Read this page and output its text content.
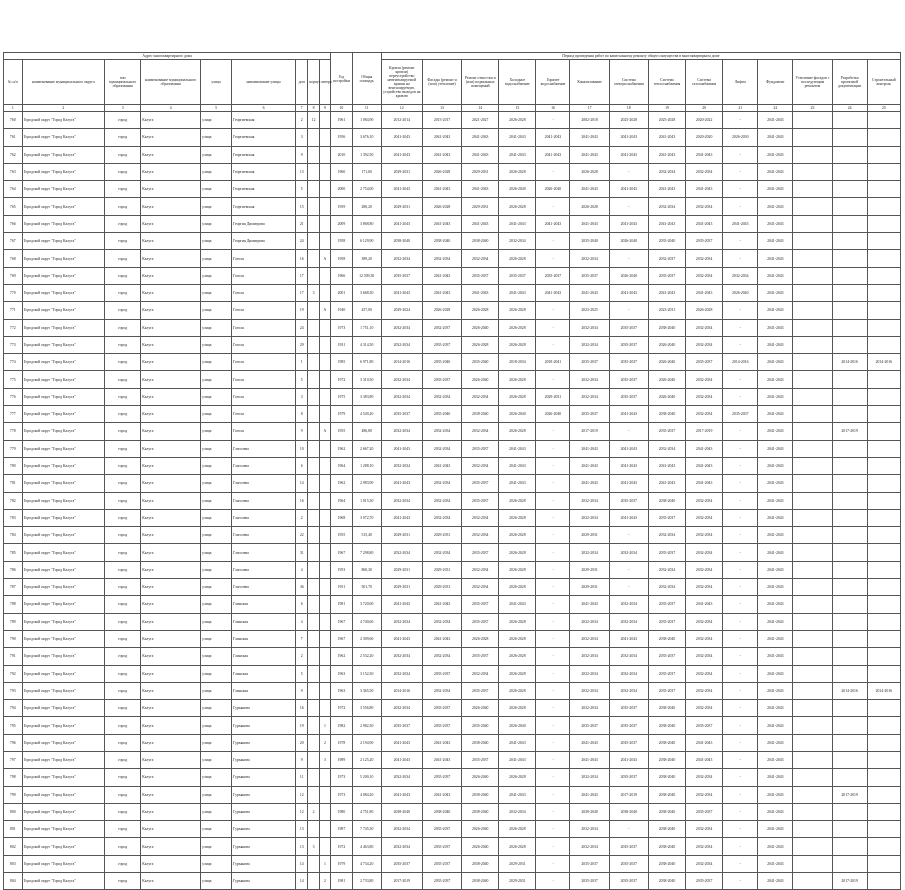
Адрес многоквартирного дома									Год постройки	Общая площадь	Период проведения работ по капитальному ремонту общего имущества в многоквартирном доме													
№ п/п	наименование муниципального округа	тип муниципального образования	наименование муниципального образования	улица	наименование улицы	дом	корпус	литера			Кровля (ремонт кровли) переустройство невентилируемой крыши на вентилируемую, устройство выходов на кровлю	Фасады (ремонт и (или) утепление)	Ремонт отмостки и (или) подвальных помещений	Холодное водоснабжение	Горячее водоснабжение	Канализование	Система электроснабжения	Система теплоснабжения	Система газоснабжения	Лифты	Фундамент	Утепление фасадов с последующим ремонтом	Разработка проектной документации	Строительный контроль
1	2	3	4	5	6	7	8	9	10	11	12	13	14	15	16	17	18	19	20	21	22	23	24	25
760	Городской округ "Город Калуга"	город	Калуга	улица	Георгиевская	2	12		1961	1 084,90	2012-2014	2015-2017	2021-2027	2026-2028	-	2002-2018	2025-2028	2025-2028	2020-2022	-	2041-2043			
761	Городской округ "Город Калуга"	город	Калуга	улица	Георгиевская	3			1956	3 676,10	2041-2043	2041-2043	2041-2043	2041-2043	2041-2043	2041-2043	2041-2043	2041-2043	2020-2020	2026-2030	2041-2043			
762	Городской округ "Город Калуга"	город	Калуга	улица	Георгиевская	9			2010	1 392,50	2041-2043	2041-2043	2041-2043	2041-2043	2041-2043	2041-2043	2041-2043	2041-2043	2041-2043	-	2041-2043			
763	Городской округ "Город Калуга"	город	Калуга	улица	Георгиевская	13			1960	171,60	2029-2031	2026-2028	2029-2031	2026-2028	-	2026-2028	-	2032-2034	2032-2034	-	2041-2043			
764	Городской округ "Город Калуга"	город	Калуга	улица	Георгиевская	5			2000	2 754,00	2041-2043	2041-2043	2041-2043	2026-2040	2026-2040	2041-2043	2041-2043	2041-2043	2041-2043	-	2041-2043			
765	Городской округ "Город Калуга"	город	Калуга	улица	Георгиевская	15			1959	280,20	2029-2031	2026-2028	2029-2031	2026-2028	-	2026-2028	-	2032-2034	2032-2034	-	2041-2043			
766	Городской округ "Город Калуга"	город	Калуга	улица	Георгия Димитрова	21			2009	3 868,80	2041-2043	2041-2043	2041-2043	2041-2043	2041-2043	2041-2043	2041-2043	2041-2043	2041-2043	2041-2043	2041-2043			
767	Городской округ "Город Калуга"	город	Калуга	улица	Георгия Димитрова	24			1958	6 129,90	2038-2040	2038-2040	2038-2040	2032-2034	-	2035-2040	2026-2040	2035-2040	2035-2037	-	2041-2043			
768	Городской округ "Город Калуга"	город	Калуга	улица	Гоголя	16		А	1958	389,20	2032-2034	2032-2034	2032-2034	2026-2028	-	2032-2034	-	2032-2037	2032-2034	-	2041-2043			
769	Городской округ "Город Калуга"	город	Калуга	улица	Гоголя	17			1966	12 509,30	2035-2037	2041-2043	2035-2037	2035-2037	2035-2037	2035-2037	2026-2040	2035-2037	2032-2034	2032-2034	2041-2043			
770	Городской округ "Город Калуга"	город	Калуга	улица	Гоголя	17	3		2001	3 668,30	2041-2043	2041-2043	2041-2043	2041-2043	2041-2043	2041-2043	2041-2043	2041-2043	2041-2043	2026-2040	2041-2043			
771	Городской округ "Город Калуга"	город	Калуга	улица	Гоголя	19		А	1940	457,00	2029-2024	2026-2028	2026-2028	2026-2028	-	2023-2025	-	2023-2031	2026-2028	-	2041-2043			
772	Городской округ "Город Калуга"	город	Калуга	улица	Гоголя	24			1973	1 751,10	2032-2034	2032-2037	2026-2040	2026-2028	-	2032-2034	2035-2037	2038-2040	2032-2034	-	2041-2043			
773	Городской округ "Город Калуга"	город	Калуга	улица	Гоголя	29			1931	4 314,50	2032-2034	2035-2037	2026-2028	2026-2028	-	2032-2034	2035-2037	2026-2040	2032-2034	-	2041-2043			
774	Городской округ "Город Калуга"	город	Калуга	улица	Гоголя	1			1985	6 971,80	2014-2016	2035-2040	2035-2040	2018-2034	2018-2041	2035-2037	2035-2037	2026-2040	2035-2037	2014-2016	2041-2043		2014-2016	2014-2016
775	Городской округ "Город Калуга"	город	Калуга	улица	Гоголя	5			1972	3 310,50	2032-2034	2035-2037	2026-2040	2026-2028	-	2032-2034	2035-2037	2026-2040	2032-2034	-	2041-2043			
776	Городской округ "Город Калуга"	город	Калуга	улица	Гоголя	3			1975	3 383,80	2032-2034	2032-2034	2032-2034	2026-2028	2029-2031	2032-2034	2035-2037	2026-2040	2032-2034	-	2041-2043			
777	Городской округ "Город Калуга"	город	Калуга	улица	Гоголя	8			1979	4 549,20	2035-2037	2035-2040	2038-2040	2026-2040	2026-2040	2035-2037	2041-2043	2038-2040	2032-2034	2035-2037	2041-2043			
778	Городской округ "Город Калуга"	город	Калуга	улица	Гоголя	9		А	1955	486,80	2032-2034	2032-2034	2032-2034	2026-2028	-	2017-2019	-	2035-2037	2017-2019	-	2041-2043		2017-2019	
779	Городской округ "Город Калуга"	город	Калуга	улица	Глаголева	10			1962	2 667,20	2041-2043	2032-2034	2035-2037	2041-2043	-	2041-2043	2041-2043	2032-2034	2041-2043	-	2041-2043			
780	Городской округ "Город Калуга"	город	Калуга	улица	Глаголева	6			1964	1 288,10	2032-2034	2041-2043	2032-2034	2041-2043	-	2041-2043	2041-2043	2041-2043	2041-2043	-	2041-2043			
781	Городской округ "Город Калуга"	город	Калуга	улица	Глаголева	14			1962	2 983,90	2041-2043	2032-2034	2035-2037	2041-2043	-	2041-2043	2041-2043	2041-2043	2041-2043	-	2041-2043			
782	Городской округ "Город Калуга"	город	Калуга	улица	Глаголева	16			1964	1 015,30	2032-2034	2032-2034	2035-2037	2026-2028	-	2032-2034	2035-2037	2038-2040	2032-2034	-	2041-2043			
783	Городской округ "Город Калуга"	город	Калуга	улица	Глаголева	2			1968	3 072,70	2041-2043	2032-2034	2032-2034	2026-2028	-	2032-2034	2041-2043	2035-2037	2032-2034	-	2041-2043			
784	Городской округ "Город Калуга"	город	Калуга	улица	Глаголева	22			1955	515,40	2029-2031	2029-2031	2032-2034	2026-2028	-	2029-2031	-	2032-2034	2032-2034	-	2041-2043			
785	Городской округ "Город Калуга"	город	Калуга	улица	Глаголева	31			1967	7 298,80	2032-2034	2032-2034	2035-2037	2026-2028	-	2032-2034	2032-2034	2035-2037	2032-2034	-	2041-2043			
786	Городской округ "Город Калуга"	город	Калуга	улица	Глаголева	4			1953	860,30	2029-2031	2029-2031	2032-2034	2026-2028	-	2029-2031	-	2032-2034	2032-2034	-	2041-2043			
787	Городской округ "Город Калуга"	город	Калуга	улица	Глаголева	36			1951	501,70	2029-2031	2029-2031	2032-2034	2026-2028	-	2029-2031	-	2032-2034	2032-2034	-	2041-2043			
788	Городской округ "Город Калуга"	город	Калуга	улица	Глинская	6			1981	3 720,00	2041-2043	2041-2043	2035-2037	2041-2043	-	2041-2043	2032-2034	2035-2037	2041-2043	-	2041-2043			
789	Городской округ "Город Калуга"	город	Калуга	улица	Глинская	4			1967	4 740,60	2032-2034	2032-2034	2035-2037	2026-2028	-	2032-2034	2032-2034	2035-2037	2032-2034	-	2041-2043			
790	Городской округ "Город Калуга"	город	Калуга	улица	Глинская	7			1967	2 309,60	2041-2043	2041-2043	2026-2028	2026-2028	-	2032-2034	2041-2043	2038-2040	2032-2034	-	2041-2043			
791	Городской округ "Город Калуга"	город	Калуга	улица	Глинская	2			1962	2 532,20	2032-2034	2032-2034	2035-2037	2026-2028	-	2032-2034	2032-2034	2035-2037	2032-2034	-	2041-2043			
792	Городской округ "Город Калуга"	город	Калуга	улица	Глинская	5			1963	3 152,30	2032-2034	2035-2037	2032-2034	2026-2028	-	2032-2034	2032-2034	2035-2037	2032-2034	-	2041-2043			
793	Городской округ "Город Калуга"	город	Калуга	улица	Глинская	9			1963	3 365,50	2014-2016	2032-2034	2035-2037	2026-2028	-	2032-2034	2032-2034	2035-2037	2032-2034	-	2041-2043		2014-2016	2014-2016
794	Городской округ "Город Калуга"	город	Калуга	улица	Гурьянова	16			1972	3 556,80	2032-2034	2035-2037	2026-2040	2026-2028	-	2032-2034	2035-2037	2038-2040	2032-2034	-	2041-2043			
795	Городской округ "Город Калуга"	город	Калуга	улица	Гурьянова	19		1	1982	2 982,30	2035-2037	2035-2037	2035-2040	2026-2040	-	2035-2037	2035-2037	2038-2040	2035-2037	-	2041-2043			
796	Городской округ "Город Калуга"	город	Калуга	улица	Гурьянова	20		2	1978	2 194,90	2041-2043	2041-2043	2038-2040	2041-2043	-	2041-2043	2035-2037	2038-2040	2041-2043	-	2041-2043			
797	Городской округ "Город Калуга"	город	Калуга	улица	Гурьянова	9		3	1989	2 125,20	2041-2043	2041-2043	2035-2037	2041-2043	-	2041-2043	2041-2043	2038-2040	2041-2043	-	2041-2043			
798	Городской округ "Город Калуга"	город	Калуга	улица	Гурьянова	11			1973	5 200,10	2032-2034	2035-2037	2026-2040	2026-2028	-	2032-2034	2035-2037	2038-2040	2032-2034	-	2041-2043			
799	Городской округ "Город Калуга"	город	Калуга	улица	Гурьянова	12			1973	4 084,20	2041-2043	2041-2043	2038-2040	2041-2043	-	2041-2043	2017-2019	2038-2040	2032-2034	-	2041-2043		2017-2019	
800	Городской округ "Город Калуга"	город	Калуга	улица	Гурьянова	12	2		1980	4 751,80	2038-2040	2038-2040	2038-2040	2032-2034	-	2038-2040	2038-2040	2038-2040	2035-2037	-	2041-2043			
801	Городской округ "Город Калуга"	город	Калуга	улица	Гурьянова	13			1987	7 745,30	2032-2034	2035-2037	2026-2040	2026-2028	-	2032-2034	-	2038-2040	2032-2034	-	2041-2043			
802	Городской округ "Город Калуга"	город	Калуга	улица	Гурьянова	13	3		1972	4 463,80	2032-2034	2035-2037	2026-2040	2026-2028	-	2032-2034	2035-2037	2038-2040	2032-2034	-	2041-2043			
803	Городской округ "Город Калуга"	город	Калуга	улица	Гурьянова	14		1	1979	4 734,20	2035-2037	2035-2037	2038-2040	2029-2031	-	2035-2037	2035-2037	2038-2040	2032-2034	-	2041-2043			
804	Городской округ "Город Калуга"	город	Калуга	улица	Гурьянова	14		2	1981	2 733,80	2017-2019	2035-2037	2038-2040	2029-2031	-	2035-2037	2035-2037	2038-2040	2035-2037	-	2041-2043		2017-2019	
